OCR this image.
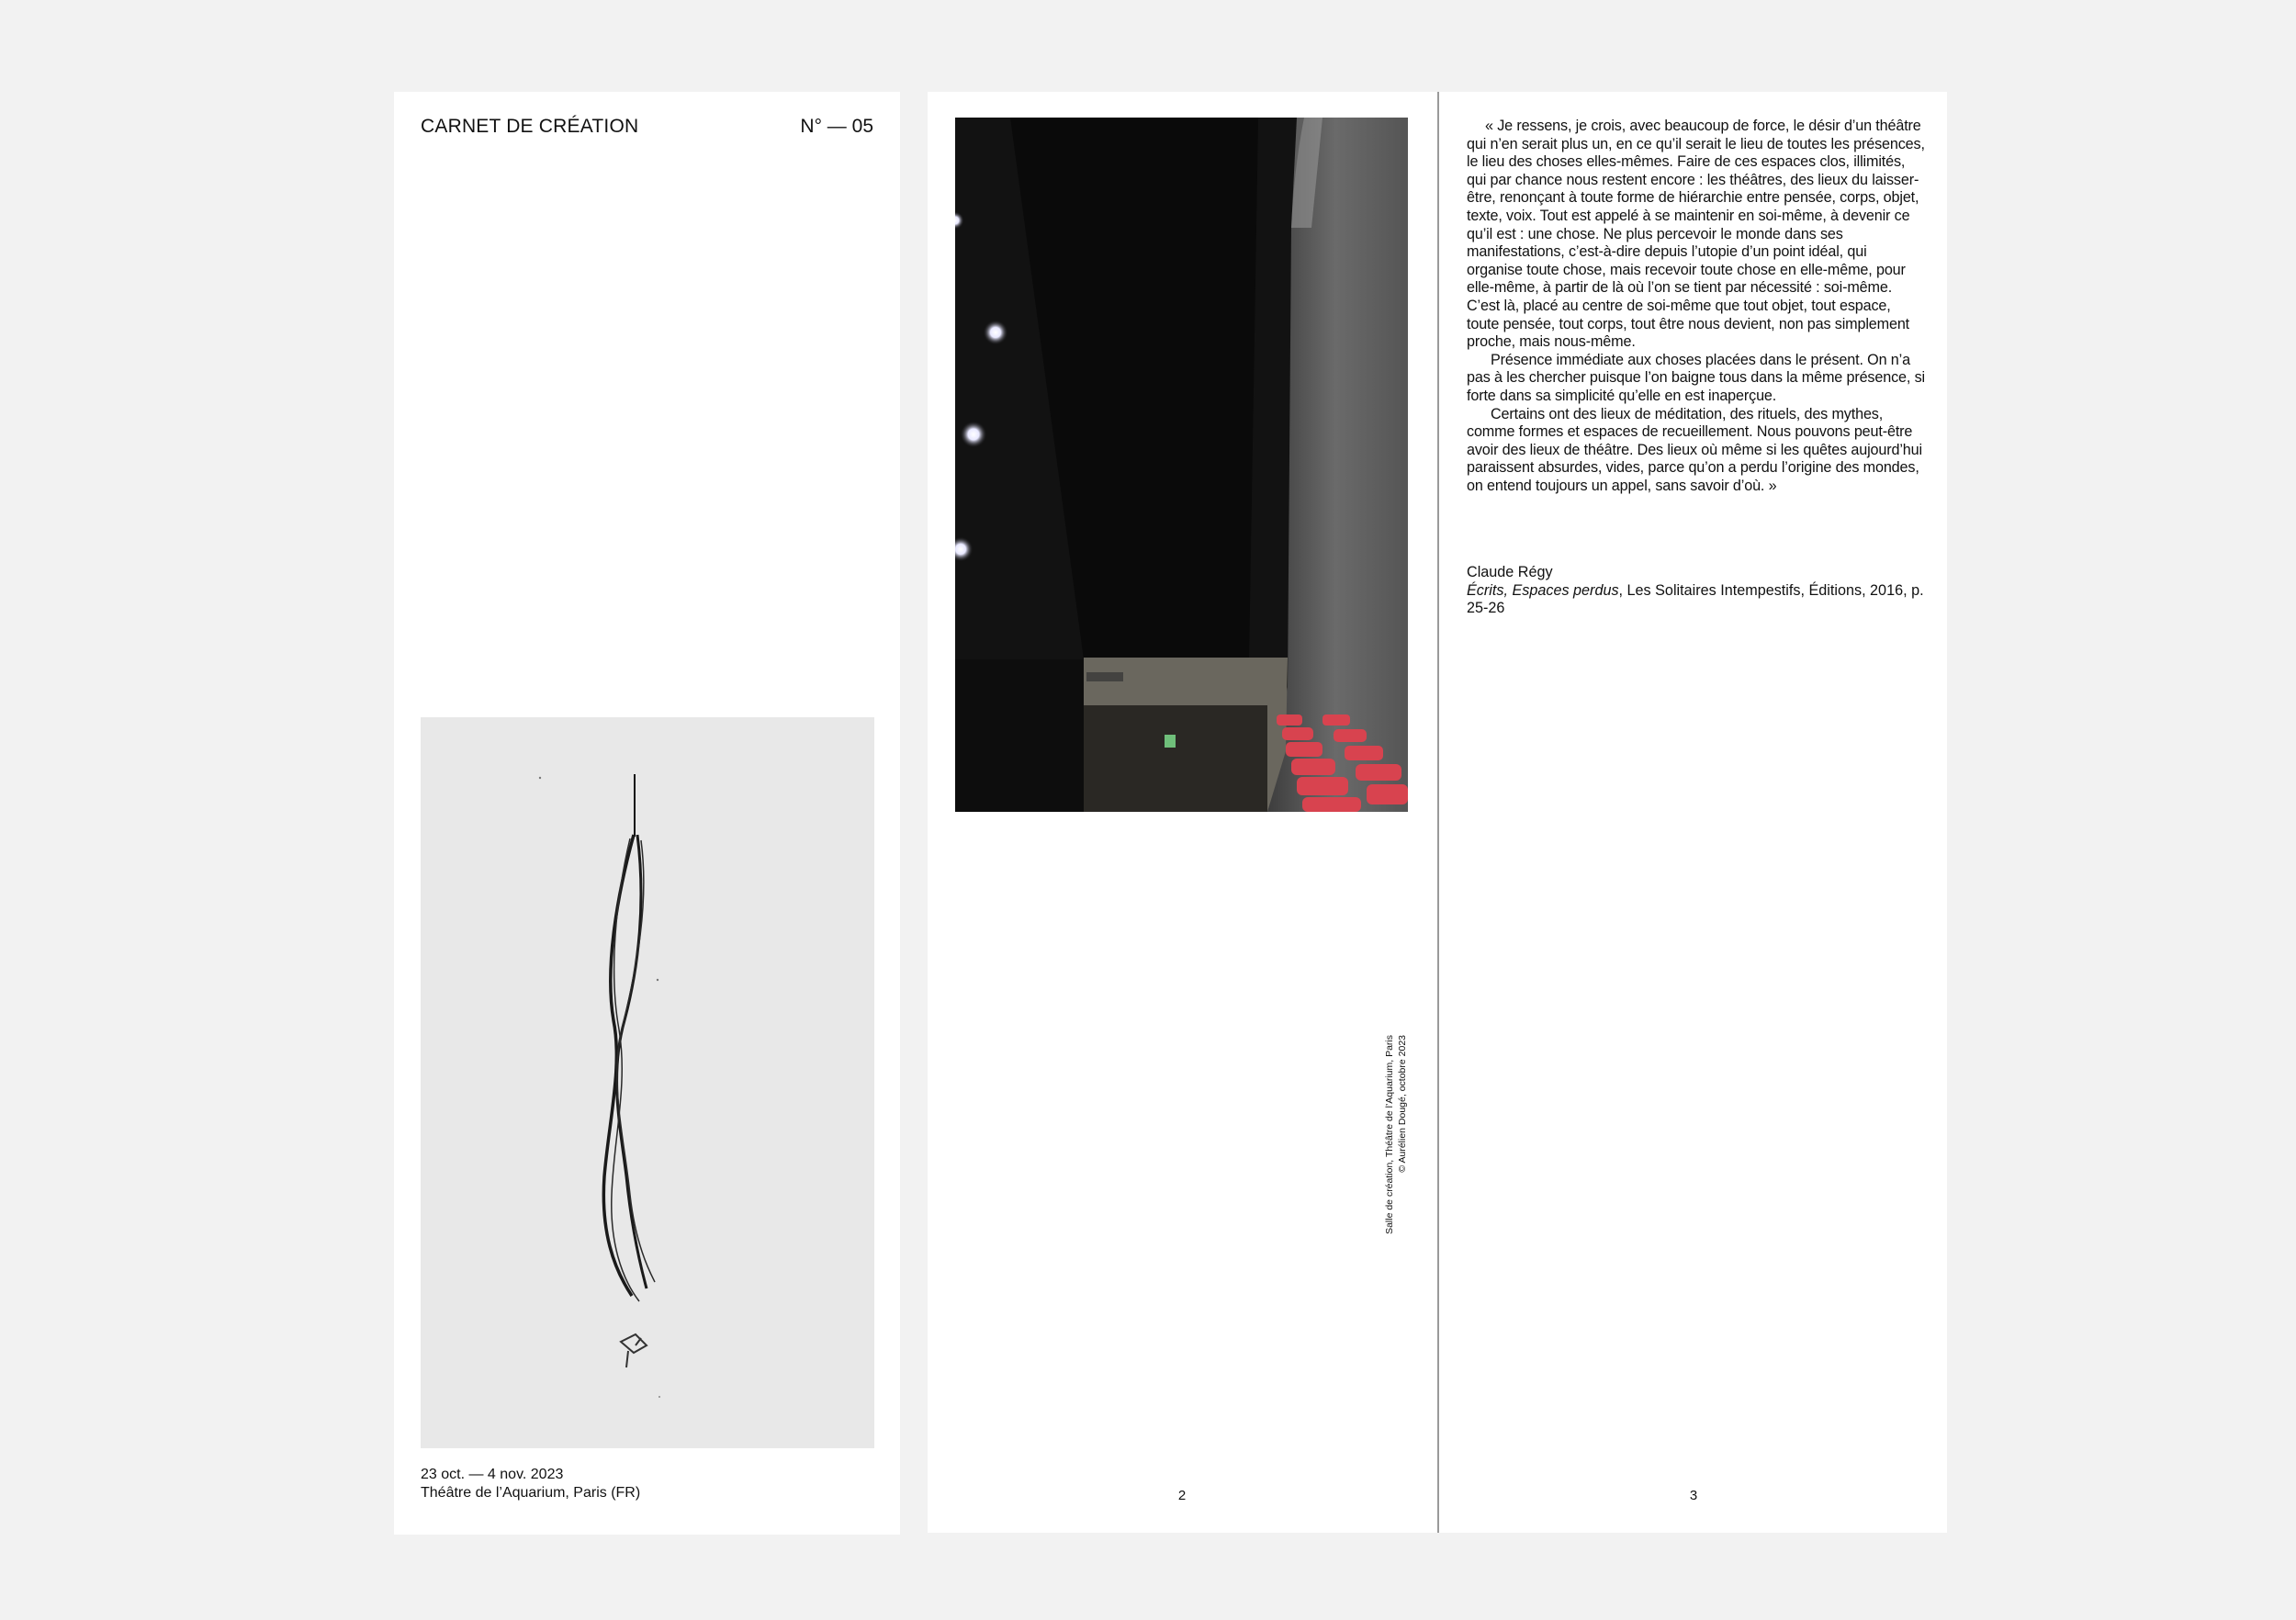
CARNET DE CRÉATION	N° — 05
23 oct. — 4 nov. 2023
Théâtre de l’Aquarium, Paris (FR)
Salle de création, Théâtre de l’Aquarium, Paris © Aurélien Dougé, octobre 2023
2

« Je ressens, je crois, avec beaucoup de force, le désir d’un théâtre qui n’en serait plus un, en ce qu’il serait le lieu de toutes les présences, le lieu des choses elles-mêmes. Faire de ces espaces clos, illimités, qui par chance nous restent encore : les théâtres, des lieux du laisser-être, renonçant à toute forme de hiérarchie entre pensée, corps, objet, texte, voix. Tout est appelé à se maintenir en soi-même, à devenir ce qu’il est : une chose. Ne plus percevoir le monde dans ses manifestations, c’est-à-dire depuis l’utopie d’un point idéal, qui organise toute chose, mais recevoir toute chose en elle-même, pour elle-même, à partir de là où l’on se tient par nécessité : soi-même. C’est là, placé au centre de soi-même que tout objet, tout espace, toute pensée, tout corps, tout être nous devient, non pas simplement proche, mais nous-même.

Présence immédiate aux choses placées dans le présent. On n’a pas à les chercher puisque l’on baigne tous dans la même présence, si forte dans sa simplicité qu’elle en est inaperçue.

Certains ont des lieux de méditation, des rituels, des mythes, comme formes et espaces de recueillement. Nous pouvons peut-être avoir des lieux de théâtre. Des lieux où même si les quêtes aujourd’hui paraissent absurdes, vides, parce qu’on a perdu l’origine des mondes, on entend toujours un appel, sans savoir d’où. »

Claude Régy
Écrits, Espaces perdus, Les Solitaires Intempestifs, Éditions, 2016, p. 25-26
3
